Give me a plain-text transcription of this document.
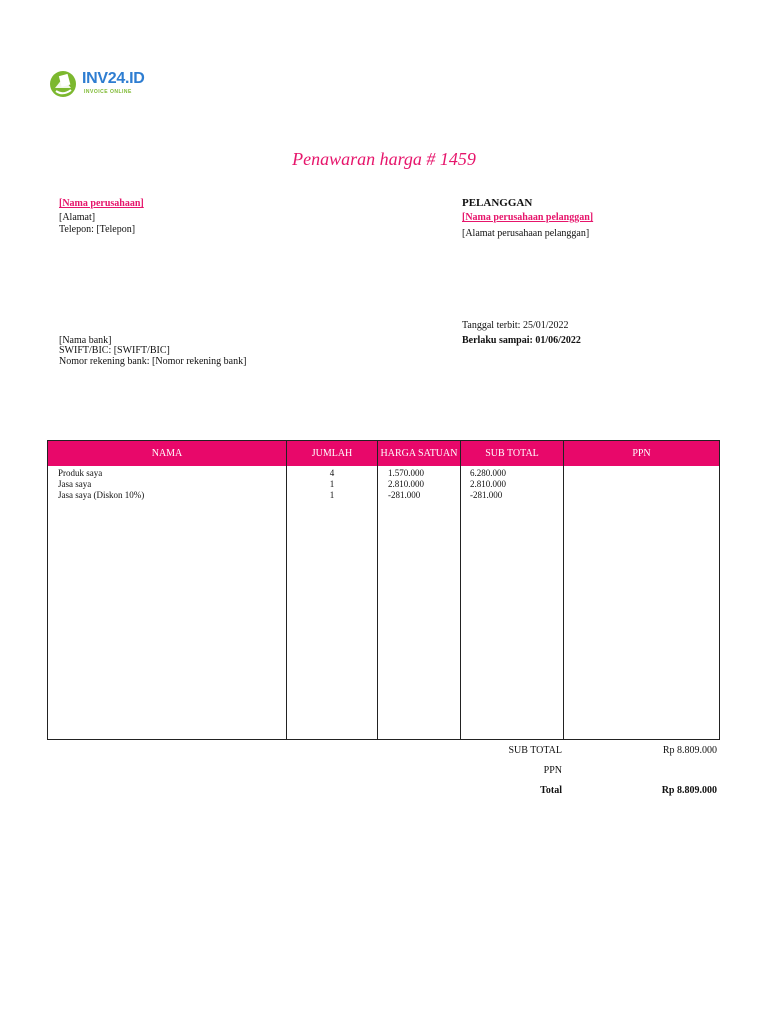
INV24.ID
INVOICE ONLINE
Penawaran harga # 1459
[Nama perusahaan]
[Alamat]
Telepon: [Telepon]
PELANGGAN
[Nama perusahaan pelanggan]
[Alamat perusahaan pelanggan]
Tanggal terbit: 25/01/2022
Berlaku sampai: 01/06/2022
[Nama bank]
SWIFT/BIC: [SWIFT/BIC]
Nomor rekening bank: [Nomor rekening bank]
NAMA	JUMLAH	HARGA SATUAN	SUB TOTAL	PPN
Produk saya	4	1.570.000	6.280.000
Jasa saya	1	2.810.000	2.810.000
Jasa saya (Diskon 10%)	1	-281.000	-281.000
SUB TOTAL	Rp 8.809.000
PPN
Total	Rp 8.809.000
